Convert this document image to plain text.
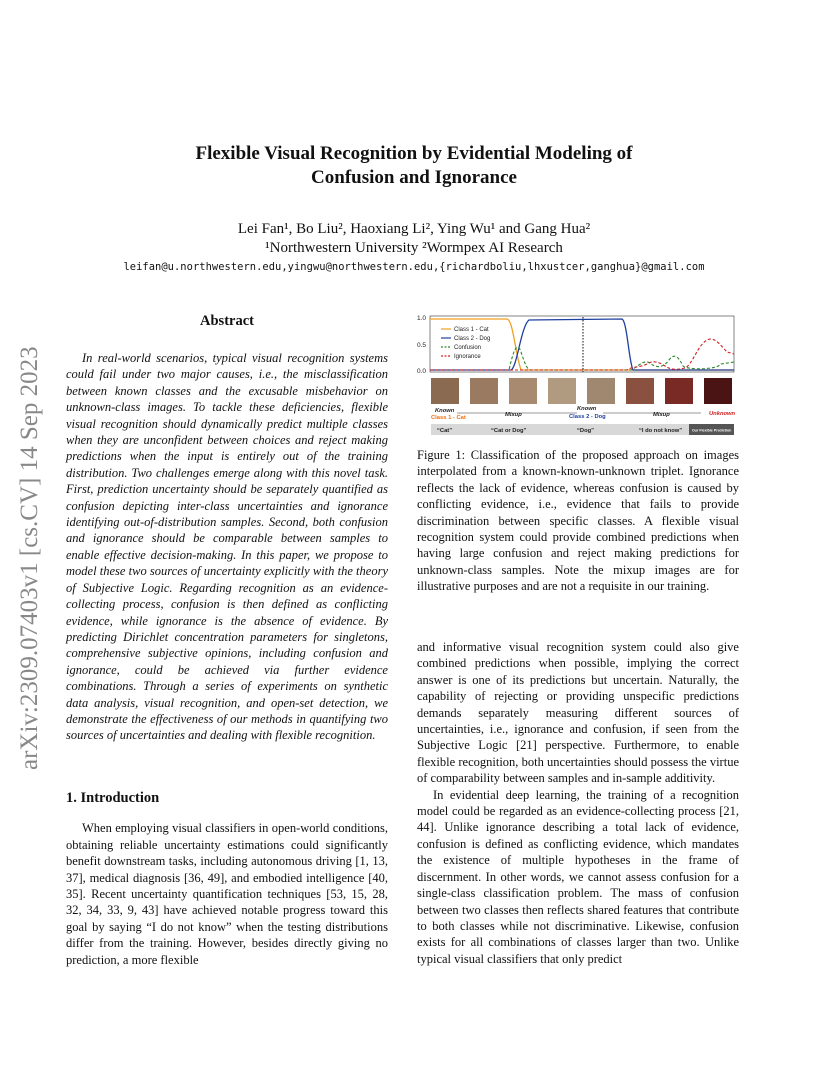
Flexible Visual Recognition by Evidential Modeling of
Confusion and Ignorance
Lei Fan¹, Bo Liu², Haoxiang Li², Ying Wu¹ and Gang Hua²
¹Northwestern University ²Wormpex AI Research
leifan@u.northwestern.edu,yingwu@northwestern.edu,{richardboliu,lhxustcer,ganghua}@gmail.com
arXiv:2309.07403v1 [cs.CV] 14 Sep 2023
Abstract

In real-world scenarios, typical visual recognition systems could fail under two major causes, i.e., the misclassification between known classes and the excusable misbehavior on unknown-class images. To tackle these deficiencies, flexible visual recognition should dynamically predict multiple classes when they are unconfident between choices and reject making predictions when the input is entirely out of the training distribution. Two challenges emerge along with this novel task. First, prediction uncertainty should be separately quantified as confusion depicting inter-class uncertainties and ignorance identifying out-of-distribution samples. Second, both confusion and ignorance should be comparable between samples to enable effective decision-making. In this paper, we propose to model these two sources of uncertainty explicitly with the theory of Subjective Logic. Regarding recognition as an evidence-collecting process, confusion is then defined as conflicting evidence, while ignorance is the absence of evidence. By predicting Dirichlet concentration parameters for singletons, comprehensive subjective opinions, including confusion and ignorance, could be achieved via further evidence combinations. Through a series of experiments on synthetic data analysis, visual recognition, and open-set detection, we demonstrate the effectiveness of our methods in quantifying two sources of uncertainties and dealing with flexible recognition.

1. Introduction

When employing visual classifiers in open-world conditions, obtaining reliable uncertainty estimations could significantly benefit downstream tasks, including autonomous driving [1, 13, 37], medical diagnosis [36, 49], and embodied intelligence [40, 35]. Recent uncertainty quantification techniques [53, 15, 28, 32, 34, 33, 9, 43] have achieved notable progress toward this goal by saying “I do not know” when the testing distributions differ from the training. However, besides directly giving no prediction, a more flexible

1.0
0.5
0.0
Class 1 - Cat
Class 2 - Dog
Confusion
Ignorance
Known
Class 1 - Cat	Mixup
Known
Class 2 - Dog	Mixup	Unknown
“Cat”	“Cat or Dog”	“Dog”	“I do not know”	Our Flexible Prediction

Figure 1: Classification of the proposed approach on images interpolated from a known-known-unknown triplet. Ignorance reflects the lack of evidence, whereas confusion is caused by conflicting evidence, i.e., evidence that fails to provide discrimination between specific classes. A flexible visual recognition system could provide combined predictions when having large confusion and reject making predictions for unknown-class samples. Note the mixup images are for illustrative purposes and are not a requisite in our training.

and informative visual recognition system could also give combined predictions when possible, implying the correct answer is one of its predictions but uncertain. Naturally, the capability of rejecting or providing unspecific predictions demands separately measuring different sources of uncertainties, i.e., ignorance and confusion, if seen from the Subjective Logic [21] perspective. Furthermore, to enable flexible recognition, both uncertainties should possess the virtue of comparability between samples and in-sample additivity.

In evidential deep learning, the training of a recognition model could be regarded as an evidence-collecting process [21, 44]. Unlike ignorance describing a total lack of evidence, confusion is defined as conflicting evidence, which mandates the existence of multiple hypotheses in the frame of discernment. In other words, we cannot assess confusion for a single-class classification problem. The mass of confusion between two classes then reflects shared features that contribute to both classes while not discriminative. Likewise, confusion exists for all combinations of classes larger than two. Unlike typical visual classifiers that only predict
